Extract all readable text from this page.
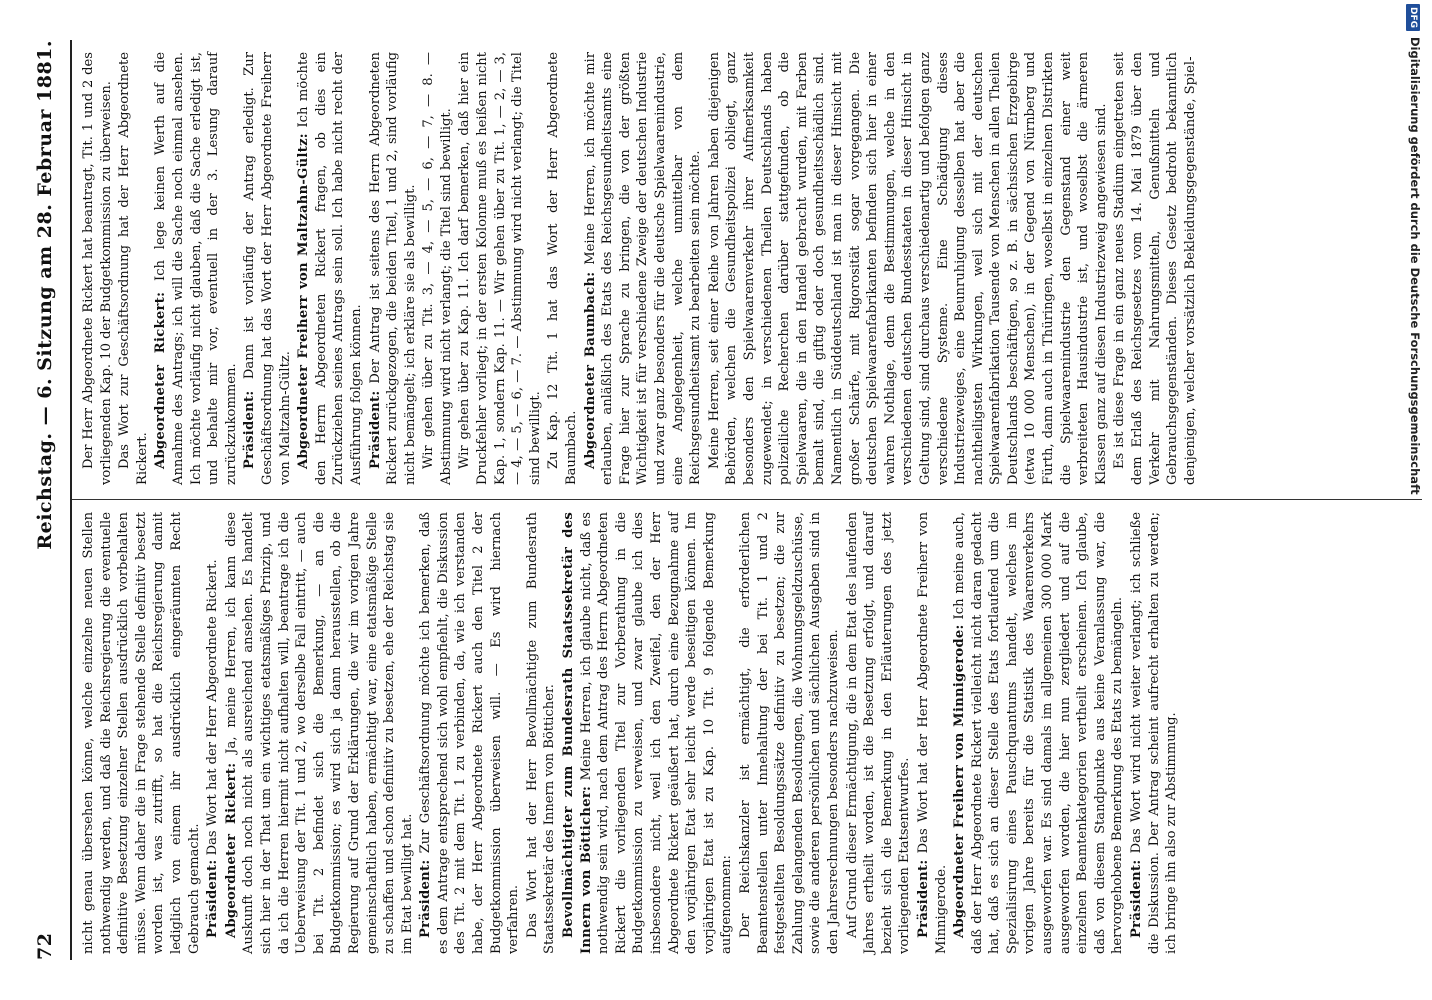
72
Reichstag. — 6. Sitzung am 28. Februar 1881.

nicht genau übersehen könne, welche einzelne neuen Stellen nothwendig werden, und daß die Reichsregierung die eventuelle definitive Besetzung einzelner Stellen ausdrücklich vorbehalten müsse. Wenn daher die in Frage stehende Stelle definitiv besetzt worden ist, was zutrifft, so hat die Reichsregierung damit lediglich von einem ihr ausdrücklich eingeräumten Recht Gebrauch gemacht. Präsident: Das Wort hat der Herr Abgeordnete Rickert. Abgeordneter Rickert: Ja, meine Herren, ich kann diese Auskunft doch noch nicht als ausreichend ansehen. Es handelt sich hier in der That um ein wichtiges etatsmäßiges Prinzip, und da ich die Herren hiermit nicht aufhalten will, beantrage ich die Ueberweisung der Tit. 1 und 2, wo derselbe Fall eintritt, — auch bei Tit. 2 befindet sich die Bemerkung, — an die Budgetkommission; es wird sich ja dann herausstellen, ob die Regierung auf Grund der Erklärungen, die wir im vorigen Jahre gemeinschaftlich haben, ermächtigt war, eine etatsmäßige Stelle zu schaffen und schon definitiv zu besetzen, ehe der Reichstag sie im Etat bewilligt hat. Präsident: Zur Geschäftsordnung möchte ich bemerken, daß es dem Antrage entsprechend sich wohl empfiehlt, die Diskussion des Tit. 2 mit dem Tit. 1 zu verbinden, da, wie ich verstanden habe, der Herr Abgeordnete Rickert auch den Titel 2 der Budgetkommission überweisen will. — Es wird hiernach verfahren. Das Wort hat der Herr Bevollmächtigte zum Bundesrath Staatssekretär des Innern von Bötticher. Bevollmächtigter zum Bundesrath Staatssekretär des Innern von Bötticher: Meine Herren, ich glaube nicht, daß es nothwendig sein wird, nach dem Antrag des Herrn Abgeordneten Rickert die vorliegenden Titel zur Vorberathung in die Budgetkommission zu verweisen, und zwar glaube ich dies insbesondere nicht, weil ich den Zweifel, den der Herr Abgeordnete Rickert geäußert hat, durch eine Bezugnahme auf den vorjährigen Etat sehr leicht werde beseitigen können. Im vorjährigen Etat ist zu Kap. 10 Tit. 9 folgende Bemerkung aufgenommen: Der Reichskanzler ist ermächtigt, die erforderlichen Beamtenstellen unter Innehaltung der bei Tit. 1 und 2 festgestellten Besoldungssätze definitiv zu besetzen; die zur Zahlung gelangenden Besoldungen, die Wohnungsgeldzuschüsse, sowie die anderen persönlichen und sächlichen Ausgaben sind in den Jahresrechnungen besonders nachzuweisen. Auf Grund dieser Ermächtigung, die in dem Etat des laufenden Jahres ertheilt worden, ist die Besetzung erfolgt, und darauf bezieht sich die Bemerkung in den Erläuterungen des jetzt vorliegenden Etatsentwurfes. Präsident: Das Wort hat der Herr Abgeordnete Freiherr von Minnigerode. Abgeordneter Freiherr von Minnigerode: Ich meine auch, daß der Herr Abgeordnete Rickert vielleicht nicht daran gedacht hat, daß es sich an dieser Stelle des Etats fortlaufend um die Spezialisirung eines Pauschquantums handelt, welches im vorigen Jahre bereits für die Statistik des Waarenverkehrs ausgeworfen war. Es sind damals im allgemeinen 300 000 Mark ausgeworfen worden, die hier nun zergliedert und auf die einzelnen Beamtenkategorien vertheilt erscheinen. Ich glaube, daß von diesem Standpunkte aus keine Veranlassung war, die hervorgehobene Bemerkung des Etats zu bemängeln. Präsident: Das Wort wird nicht weiter verlangt; ich schließe die Diskussion. Der Antrag scheint aufrecht erhalten zu werden; ich bringe ihn also zur Abstimmung.

Der Herr Abgeordnete Rickert hat beantragt, Tit. 1 und 2 des vorliegenden Kap. 10 der Budgetkommission zu überweisen. Das Wort zur Geschäftsordnung hat der Herr Abgeordnete Rickert. Abgeordneter Rickert: Ich lege keinen Werth auf die Annahme des Antrags; ich will die Sache noch einmal ansehen. Ich möchte vorläufig nicht glauben, daß die Sache erledigt ist, und behalte mir vor, eventuell in der 3. Lesung darauf zurückzukommen. Präsident: Dann ist vorläufig der Antrag erledigt. Zur Geschäftsordnung hat das Wort der Herr Abgeordnete Freiherr von Maltzahn-Gültz. Abgeordneter Freiherr von Maltzahn-Gültz: Ich möchte den Herrn Abgeordneten Rickert fragen, ob dies ein Zurückziehen seines Antrags sein soll. Ich habe nicht recht der Ausführung folgen können. Präsident: Der Antrag ist seitens des Herrn Abgeordneten Rickert zurückgezogen, die beiden Titel, 1 und 2, sind vorläufig nicht bemängelt; ich erkläre sie als bewilligt. Wir gehen über zu Tit. 3, — 4, — 5, — 6, — 7, — 8. — Abstimmung wird nicht verlangt; die Titel sind bewilligt. Wir gehen über zu Kap. 11. Ich darf bemerken, daß hier ein Druckfehler vorliegt; in der ersten Kolonne muß es heißen nicht Kap. 1, sondern Kap. 11. — Wir gehen über zu Tit. 1, — 2, — 3, — 4, — 5, — 6, — 7. — Abstimmung wird nicht verlangt; die Titel sind bewilligt. Zu Kap. 12 Tit. 1 hat das Wort der Herr Abgeordnete Baumbach. Abgeordneter Baumbach: Meine Herren, ich möchte mir erlauben, anläßlich des Etats des Reichsgesundheitsamts eine Frage hier zur Sprache zu bringen, die von der größten Wichtigkeit ist für verschiedene Zweige der deutschen Industrie und zwar ganz besonders für die deutsche Spielwaarenindustrie, eine Angelegenheit, welche unmittelbar von dem Reichsgesundheitsamt zu bearbeiten sein möchte. Meine Herren, seit einer Reihe von Jahren haben diejenigen Behörden, welchen die Gesundheitspolizei obliegt, ganz besonders den Spielwaarenverkehr ihrer Aufmerksamkeit zugewendet; in verschiedenen Theilen Deutschlands haben polizeiliche Recherchen darüber stattgefunden, ob die Spielwaaren, die in den Handel gebracht wurden, mit Farben bemalt sind, die giftig oder doch gesundheitsschädlich sind. Namentlich in Süddeutschland ist man in dieser Hinsicht mit großer Schärfe, mit Rigorosität sogar vorgegangen. Die deutschen Spielwaarenfabrikanten befinden sich hier in einer wahren Nothlage, denn die Bestimmungen, welche in den verschiedenen deutschen Bundesstaaten in dieser Hinsicht in Geltung sind, sind durchaus verschiedenartig und befolgen ganz verschiedene Systeme. Eine Schädigung dieses Industriezweiges, eine Beunruhigung desselben hat aber die nachtheiligsten Wirkungen, weil sich mit der deutschen Spielwaarenfabrikation Tausende von Menschen in allen Theilen Deutschlands beschäftigen, so z. B. in sächsischen Erzgebirge (etwa 10 000 Menschen), in der Gegend von Nürnberg und Fürth, dann auch in Thüringen, woselbst in einzelnen Distrikten die Spielwaarenindustrie den Gegenstand einer weit verbreiteten Hausindustrie ist, und woselbst die ärmeren Klassen ganz auf diesen Industriezweig angewiesen sind. Es ist diese Frage in ein ganz neues Stadium eingetreten seit dem Erlaß des Reichsgesetzes vom 14. Mai 1879 über den Verkehr mit Nahrungsmitteln, Genußmitteln und Gebrauchsgegenständen. Dieses Gesetz bedroht bekanntlich denjenigen, welcher vorsätzlich Bekleidungsgegenstände, Spiel-

DFGDigitalisierung gefördert durch die Deutsche Forschungsgemeinschaft
